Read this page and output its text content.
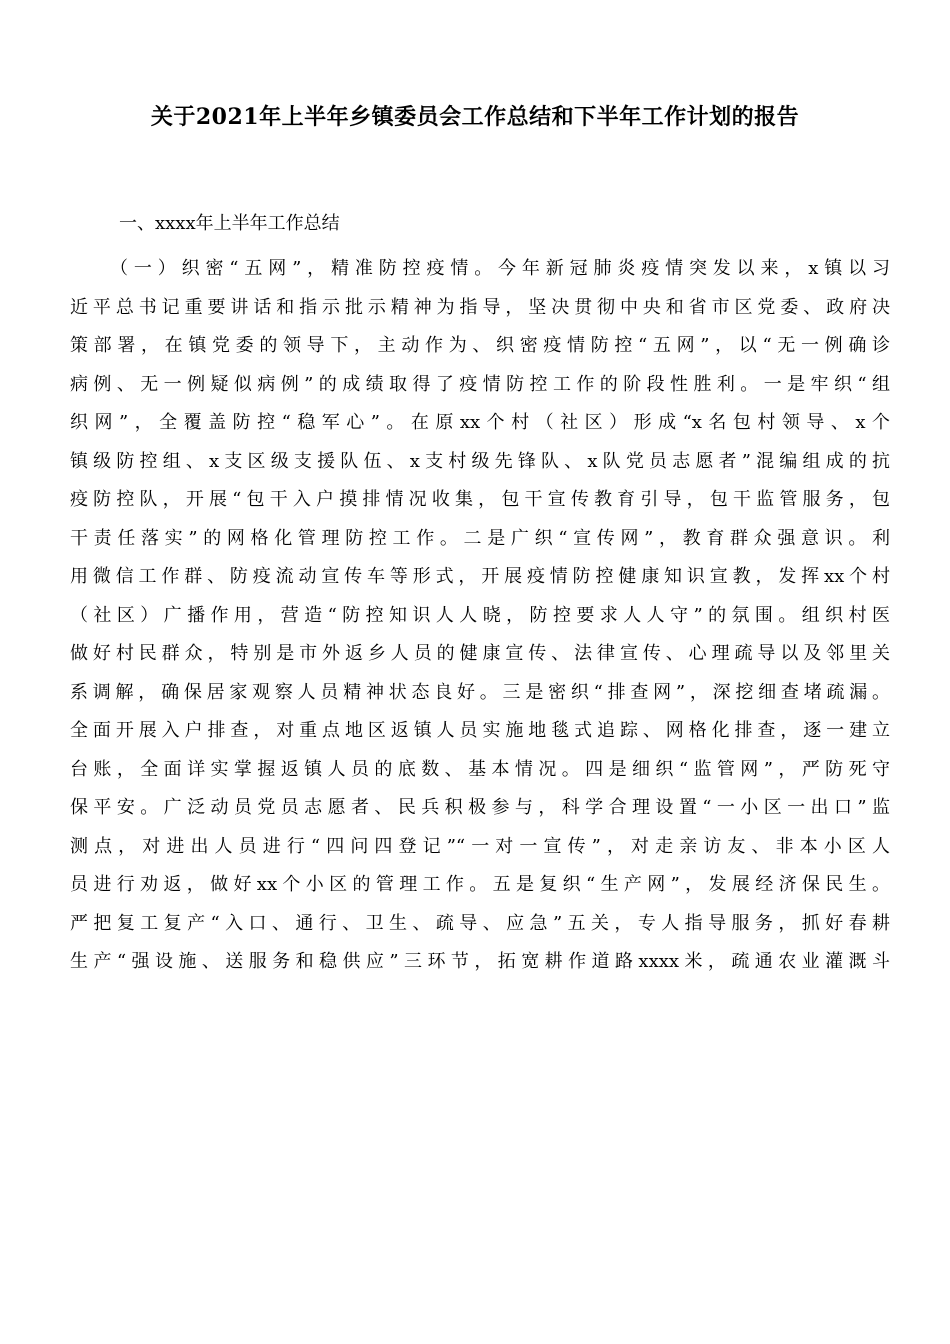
关于2021年上半年乡镇委员会工作总结和下半年工作计划的报告
一、xxxx年上半年工作总结
（一）织密“五网”，精准防控疫情。今年新冠肺炎疫情突发以来，x镇以习
近平总书记重要讲话和指示批示精神为指导，坚决贯彻中央和省市区党委、政府决
策部署，在镇党委的领导下，主动作为、织密疫情防控“五网”，以“无一例确诊
病例、无一例疑似病例”的成绩取得了疫情防控工作的阶段性胜利。一是牢织“组
织网”，全覆盖防控“稳军心”。在原xx个村（社区）形成“x名包村领导、x个
镇级防控组、x支区级支援队伍、x支村级先锋队、x队党员志愿者”混编组成的抗
疫防控队，开展“包干入户摸排情况收集，包干宣传教育引导，包干监管服务，包
干责任落实”的网格化管理防控工作。二是广织“宣传网”，教育群众强意识。利
用微信工作群、防疫流动宣传车等形式，开展疫情防控健康知识宣教，发挥xx个村
（社区）广播作用，营造“防控知识人人晓，防控要求人人守”的氛围。组织村医
做好村民群众，特别是市外返乡人员的健康宣传、法律宣传、心理疏导以及邻里关
系调解，确保居家观察人员精神状态良好。三是密织“排查网”，深挖细查堵疏漏。
全面开展入户排查，对重点地区返镇人员实施地毯式追踪、网格化排查，逐一建立
台账，全面详实掌握返镇人员的底数、基本情况。四是细织“监管网”，严防死守
保平安。广泛动员党员志愿者、民兵积极参与，科学合理设置“一小区一出口”监
测点，对进出人员进行“四问四登记”“一对一宣传”，对走亲访友、非本小区人
员进行劝返，做好xx个小区的管理工作。五是复织“生产网”，发展经济保民生。
严把复工复产“入口、通行、卫生、疏导、应急”五关，专人指导服务，抓好春耕
生产“强设施、送服务和稳供应”三环节，拓宽耕作道路xxxx米，疏通农业灌溉斗
